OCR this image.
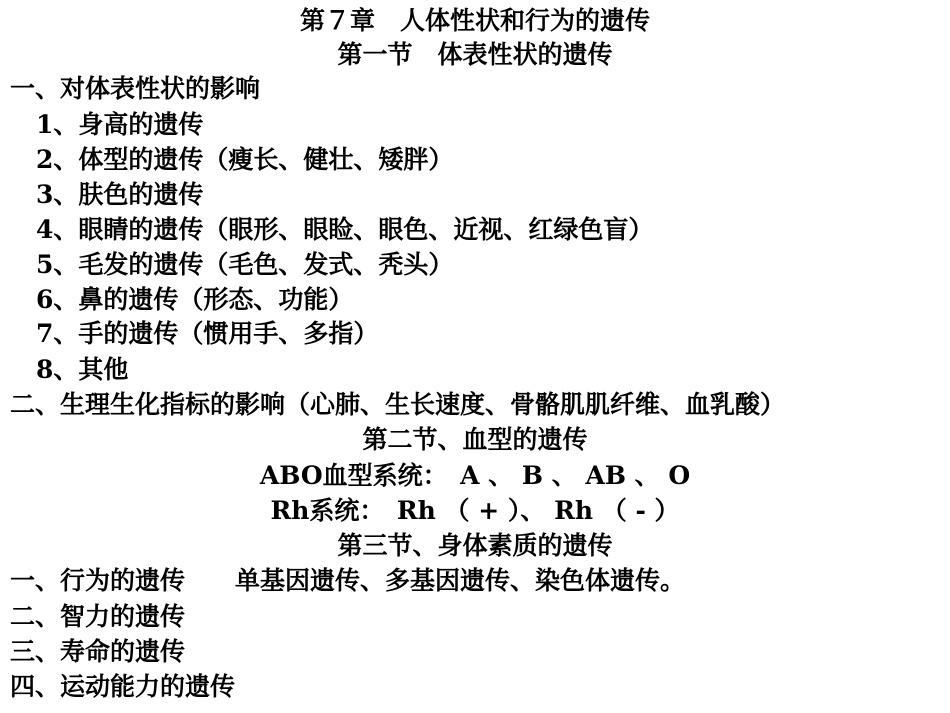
第７章　人体性状和行为的遗传
第一节　体表性状的遗传
一、对体表性状的影响
1、身高的遗传
2、体型的遗传（瘦长、健壮、矮胖）
3、肤色的遗传
4、眼睛的遗传（眼形、眼睑、眼色、近视、红绿色盲）
5、毛发的遗传（毛色、发式、秃头）
6、鼻的遗传（形态、功能）
7、手的遗传（惯用手、多指）
8、其他
二、生理生化指标的影响（心肺、生长速度、骨骼肌肌纤维、血乳酸）
第二节、血型的遗传
ABO血型系统：　A 、 B 、 AB 、 O
Rh系统：　Rh （ + ）、 Rh （ - ）
第三节、身体素质的遗传
一、行为的遗传　　单基因遗传、多基因遗传、染色体遗传。
二、智力的遗传
三、寿命的遗传
四、运动能力的遗传
